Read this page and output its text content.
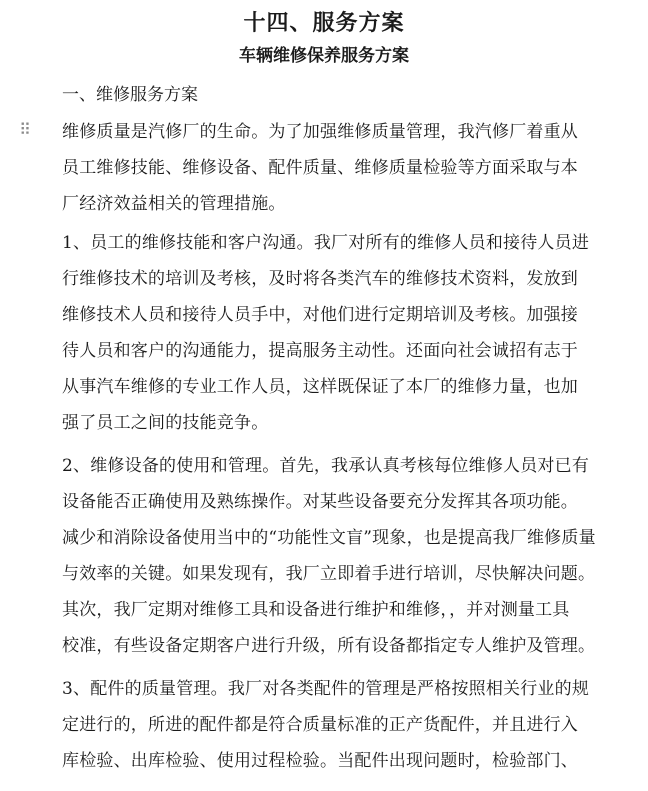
十四、服务方案
车辆维修保养服务方案
一、维修服务方案
⠿ 维修质量是汽修厂的生命。为了加强维修质量管理，我汽修厂着重从
员工维修技能、维修设备、配件质量、维修质量检验等方面采取与本
厂经济效益相关的管理措施。
1、员工的维修技能和客户沟通。我厂对所有的维修人员和接待人员进
行维修技术的培训及考核，及时将各类汽车的维修技术资料，发放到
维修技术人员和接待人员手中，对他们进行定期培训及考核。加强接
待人员和客户的沟通能力，提高服务主动性。还面向社会诚招有志于
从事汽车维修的专业工作人员，这样既保证了本厂的维修力量，也加
强了员工之间的技能竞争。
2、维修设备的使用和管理。首先，我承认真考核每位维修人员对已有
设备能否正确使用及熟练操作。对某些设备要充分发挥其各项功能。
减少和消除设备使用当中的“功能性文盲”现象，也是提高我厂维修质量
与效率的关键。如果发现有，我厂立即着手进行培训，尽快解决问题。
其次，我厂定期对维修工具和设备进行维护和维修，，并对测量工具
校准，有些设备定期客户进行升级，所有设备都指定专人维护及管理。
3、配件的质量管理。我厂对各类配件的管理是严格按照相关行业的规
定进行的，所进的配件都是符合质量标准的正产货配件，并且进行入
库检验、出库检验、使用过程检验。当配件出现问题时，检验部门、
